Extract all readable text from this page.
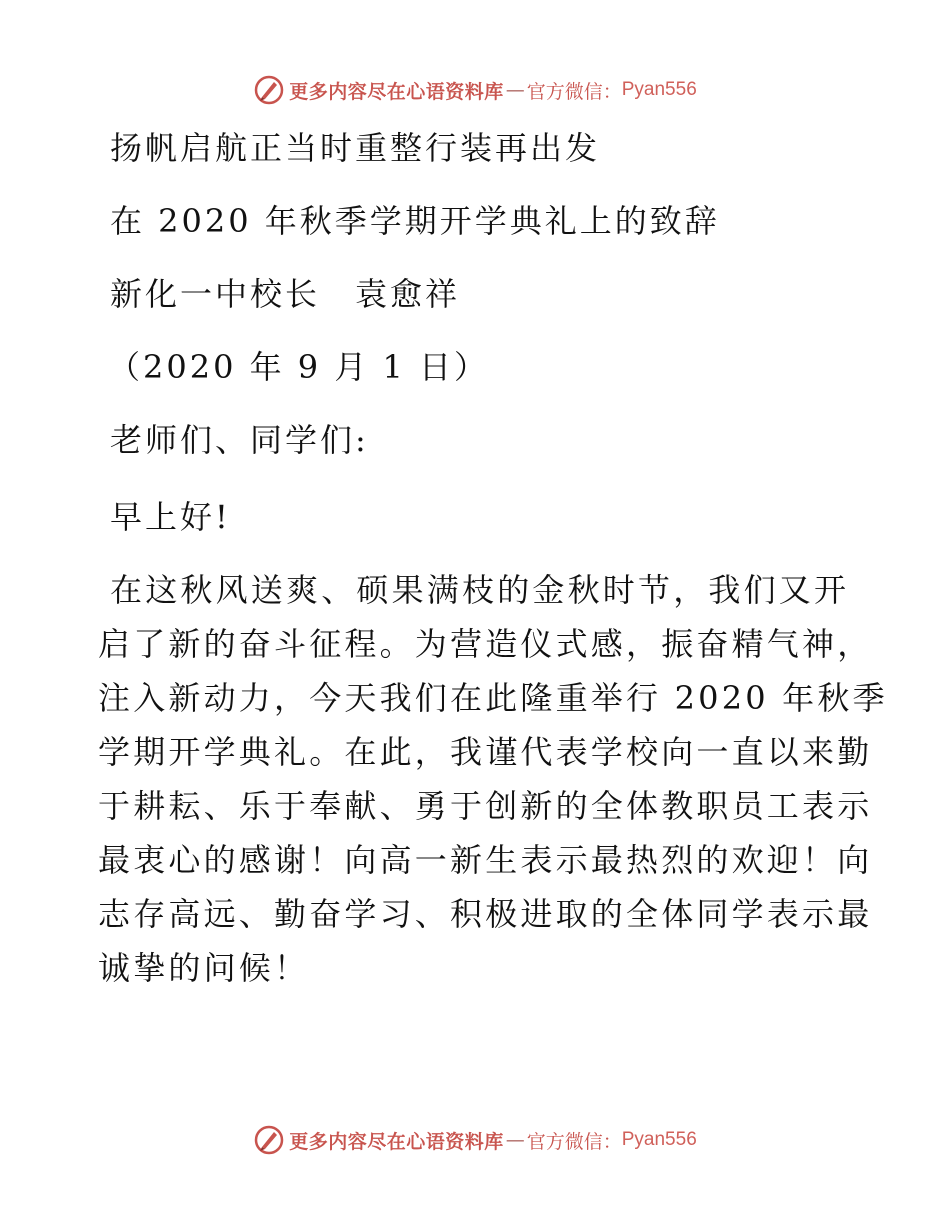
更多内容尽在心语资料库 — 官方微信： Pyan556
扬帆启航正当时重整行装再出发
在 2020 年秋季学期开学典礼上的致辞
新化一中校长　袁愈祥
（2020 年 9 月 1 日）
老师们、同学们:
早上好!
在这秋风送爽、硕果满枝的金秋时节，我们又开
启了新的奋斗征程。为营造仪式感，振奋精气神，
注入新动力，今天我们在此隆重举行 2020 年秋季
学期开学典礼。在此，我谨代表学校向一直以来勤
于耕耘、乐于奉献、勇于创新的全体教职员工表示
最衷心的感谢！向高一新生表示最热烈的欢迎！向
志存高远、勤奋学习、积极进取的全体同学表示最
诚挚的问候！
更多内容尽在心语资料库 — 官方微信： Pyan556
